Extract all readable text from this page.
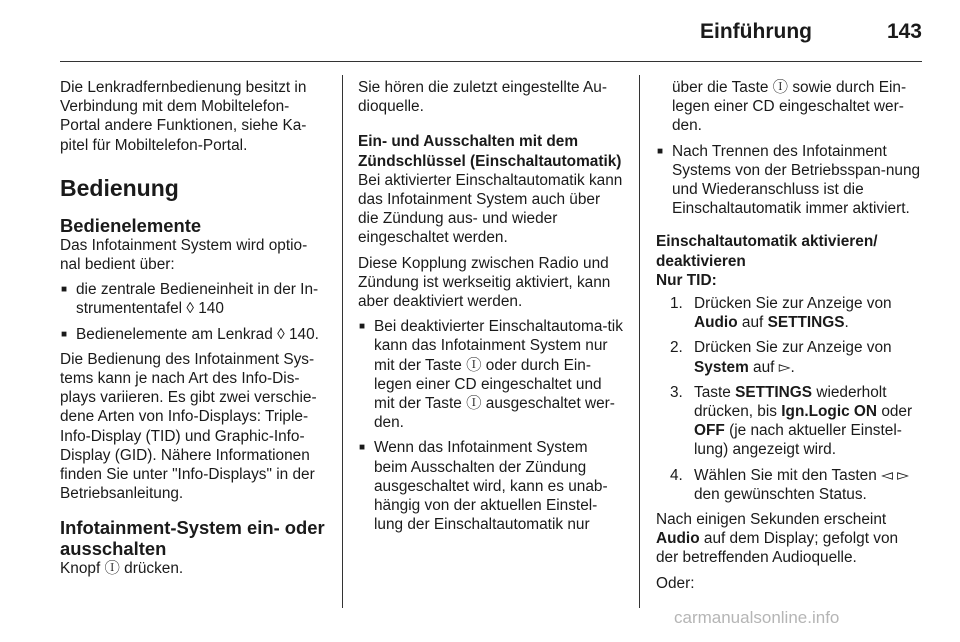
Einführung	143

Die Lenkradfernbedienung besitzt in Verbindung mit dem Mobiltelefon-Portal andere Funktionen, siehe Ka-pitel für Mobiltelefon-Portal.

Bedienung

Bedienelemente

Das Infotainment System wird optio-nal bedient über:

■ die zentrale Bedieneinheit in der In-strumententafel ◊ 140

■ Bedienelemente am Lenkrad ◊ 140.

Die Bedienung des Infotainment Sys-tems kann je nach Art des Info-Dis-plays variieren. Es gibt zwei verschie-dene Arten von Info-Displays: Triple-Info-Display (TID) und Graphic-Info-Display (GID). Nähere Informationen finden Sie unter "Info-Displays" in der Betriebsanleitung.

Infotainment-System ein- oder ausschalten

Knopf Ⓘ drücken.

Sie hören die zuletzt eingestellte Au-dioquelle.

Ein- und Ausschalten mit dem Zündschlüssel (Einschaltautomatik)

Bei aktivierter Einschaltautomatik kann das Infotainment System auch über die Zündung aus- und wieder eingeschaltet werden.

Diese Kopplung zwischen Radio und Zündung ist werkseitig aktiviert, kann aber deaktiviert werden.

■ Bei deaktivierter Einschaltautoma-tik kann das Infotainment System nur mit der Taste Ⓘ oder durch Ein-legen einer CD eingeschaltet und mit der Taste Ⓘ ausgeschaltet wer-den.

■ Wenn das Infotainment System beim Ausschalten der Zündung ausgeschaltet wird, kann es unab-hängig von der aktuellen Einstel-lung der Einschaltautomatik nur

über die Taste Ⓘ sowie durch Ein-legen einer CD eingeschaltet wer-den.

■ Nach Trennen des Infotainment Systems von der Betriebsspan-nung und Wiederanschluss ist die Einschaltautomatik immer aktiviert.

Einschaltautomatik aktivieren/ deaktivieren

Nur TID:

1. Drücken Sie zur Anzeige von Audio auf SETTINGS.

2. Drücken Sie zur Anzeige von System auf ▻.

3. Taste SETTINGS wiederholt drücken, bis Ign.Logic ON oder OFF (je nach aktueller Einstel-lung) angezeigt wird.

4. Wählen Sie mit den Tasten ◅ ▻ den gewünschten Status.

Nach einigen Sekunden erscheint Audio auf dem Display; gefolgt von der betreffenden Audioquelle.

Oder:

carmanualsonline.info
